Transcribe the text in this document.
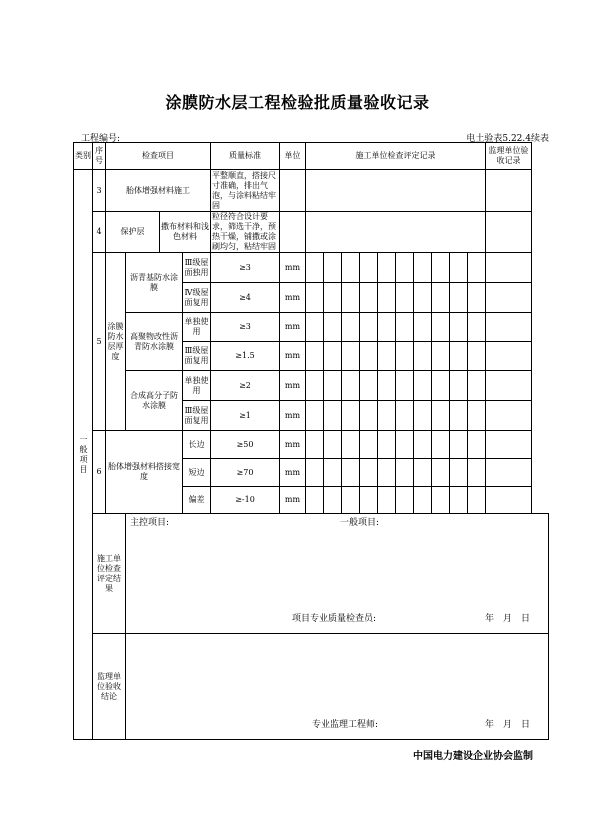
涂膜防水层工程检验批质量验收记录
工程编号:	电土验表5.22.4续表
类别	序号	检查项目				质量标准	单位	施工单位检查评定记录										监理单位验收记录
一般项目	3	胎体增强材料施工				平整顺直，搭接尺寸准确，排出气泡，与涂料粘结牢固												
	4	保护层		撒布材料和浅色材料		粒径符合设计要求，筛选干净，预热干燥，铺撒或涂刷均匀，粘结牢固												
	5	涂膜防水层厚度	沥青基防水涂膜		Ⅲ级屋面独用	≥3	mm											
					Ⅳ级屋面复用	≥4	mm											
			高聚物改性沥青防水涂膜		单独使用	≥3	mm											
					Ⅲ级屋面复用	≥1.5	mm											
			合成高分子防水涂膜		单独使用	≥2	mm											
					Ⅲ级屋面复用	≥1	mm											
	6	胎体增强材料搭接宽度			长边	≥50	mm											
					短边	≥70	mm											
					偏差	≥-10	mm											
	施工单位检查评定结果		主控项目: 一般项目:
项目专业质量检查员: 年　月　日															

	监理单位验收结论		专业监理工程师: 年　月　日															
中国电力建设企业协会监制
